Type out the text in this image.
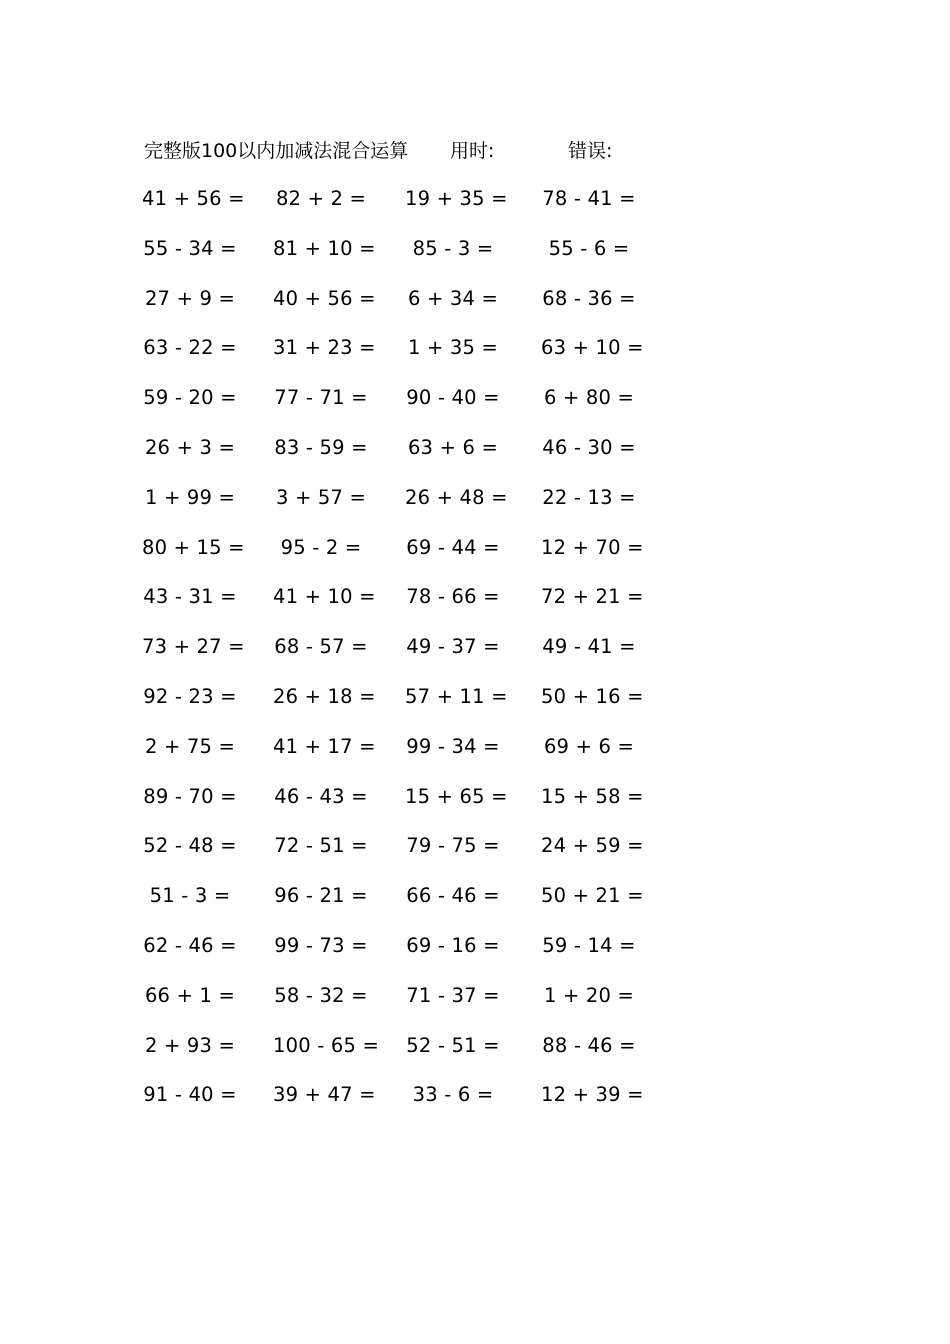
完整版100以内加减法混合运算 用时:	错误:
41 + 56 = 82 + 2 = 19 + 35 = 78 - 41 =
55 - 34 = 81 + 10 =	85 - 3 =	55 - 6 =
27 + 9 = 40 + 56 = 6 + 34 = 68 - 36 =
63 - 22 = 31 + 23 = 1 + 35 = 63 + 10 =
59 - 20 = 77 - 71 = 90 - 40 = 6 + 80 =
26 + 3 = 83 - 59 = 63 + 6 = 46 - 30 =
1 + 99 = 3 + 57 = 26 + 48 = 22 - 13 =
80 + 15 =	95 - 2 =	69 - 44 = 12 + 70 =
43 - 31 = 41 + 10 = 78 - 66 = 72 + 21 =
73 + 27 = 68 - 57 = 49 - 37 = 49 - 41 =
92 - 23 = 26 + 18 = 57 + 11 = 50 + 16 =
2 + 75 = 41 + 17 = 99 - 34 = 69 + 6 =
89 - 70 = 46 - 43 = 15 + 65 = 15 + 58 =
52 - 48 = 72 - 51 = 79 - 75 = 24 + 59 =
51 - 3 =	96 - 21 = 66 - 46 = 50 + 21 =
62 - 46 = 99 - 73 = 69 - 16 = 59 - 14 =
66 + 1 = 58 - 32 = 71 - 37 = 1 + 20 =
2 + 93 = 100 - 65 = 52 - 51 = 88 - 46 =
91 - 40 = 39 + 47 =	33 - 6 =	12 + 39 =
